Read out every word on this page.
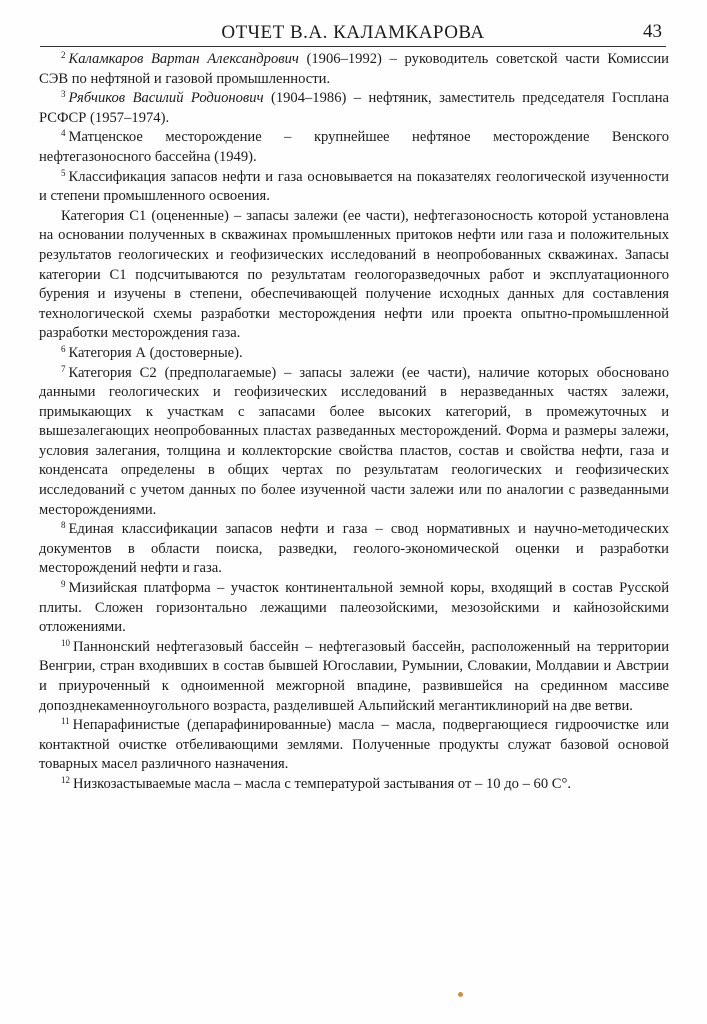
ОТЧЕТ В.А. КАЛАМКАРОВА	43

$^2$ Каламкаров Вартан Александрович (1906–1992) – руководитель советской части Комиссии СЭВ по нефтяной и газовой промышленности.

$^3$ Рябчиков Василий Родионович (1904–1986) – нефтяник, заместитель председателя Госплана РСФСР (1957–1974).

$^4$ Матценское месторождение – крупнейшее нефтяное месторождение Венского нефтегазоносного бассейна (1949).

$^5$ Классификация запасов нефти и газа основывается на показателях геологической изученности и степени промышленного освоения.

Категория С1 (оцененные) – запасы залежи (ее части), нефтегазоносность которой установлена на основании полученных в скважинах промышленных притоков нефти или газа и положительных результатов геологических и геофизических исследований в неопробованных скважинах. Запасы категории С1 подсчитываются по результатам геологоразведочных работ и эксплуатационного бурения и изучены в степени, обеспечивающей получение исходных данных для составления технологической схемы разработки месторождения нефти или проекта опытно-промышленной разработки месторождения газа.

$^6$ Категория А (достоверные).

$^7$ Категория С2 (предполагаемые) – запасы залежи (ее части), наличие которых обосновано данными геологических и геофизических исследований в неразведанных частях залежи, примыкающих к участкам с запасами более высоких категорий, в промежуточных и вышезалегающих неопробованных пластах разведанных месторождений. Форма и размеры залежи, условия залегания, толщина и коллекторские свойства пластов, состав и свойства нефти, газа и конденсата определены в общих чертах по результатам геологических и геофизических исследований с учетом данных по более изученной части залежи или по аналогии с разведанными месторождениями.

$^8$ Единая классификации запасов нефти и газа – свод нормативных и научно-методических документов в области поиска, разведки, геолого-экономической оценки и разработки месторождений нефти и газа.

$^9$ Мизийская платформа – участок континентальной земной коры, входящий в состав Русской плиты. Сложен горизонтально лежащими палеозойскими, мезозойскими и кайнозойскими отложениями.

$^{10}$ Паннонский нефтегазовый бассейн – нефтегазовый бассейн, расположенный на территории Венгрии, стран входивших в состав бывшей Югославии, Румынии, Словакии, Молдавии и Австрии и приуроченный к одноименной межгорной впадине, развившейся на срединном массиве допозднекаменноугольного возраста, разделившей Альпийский мегантиклинорий на две ветви.

$^{11}$ Непарафинистые (депарафинированные) масла – масла, подвергающиеся гидроочистке или контактной очистке отбеливающими землями. Полученные продукты служат базовой основой товарных масел различного назначения.

$^{12}$ Низкозастываемые масла – масла с температурой застывания от – 10 до – 60 С°.
